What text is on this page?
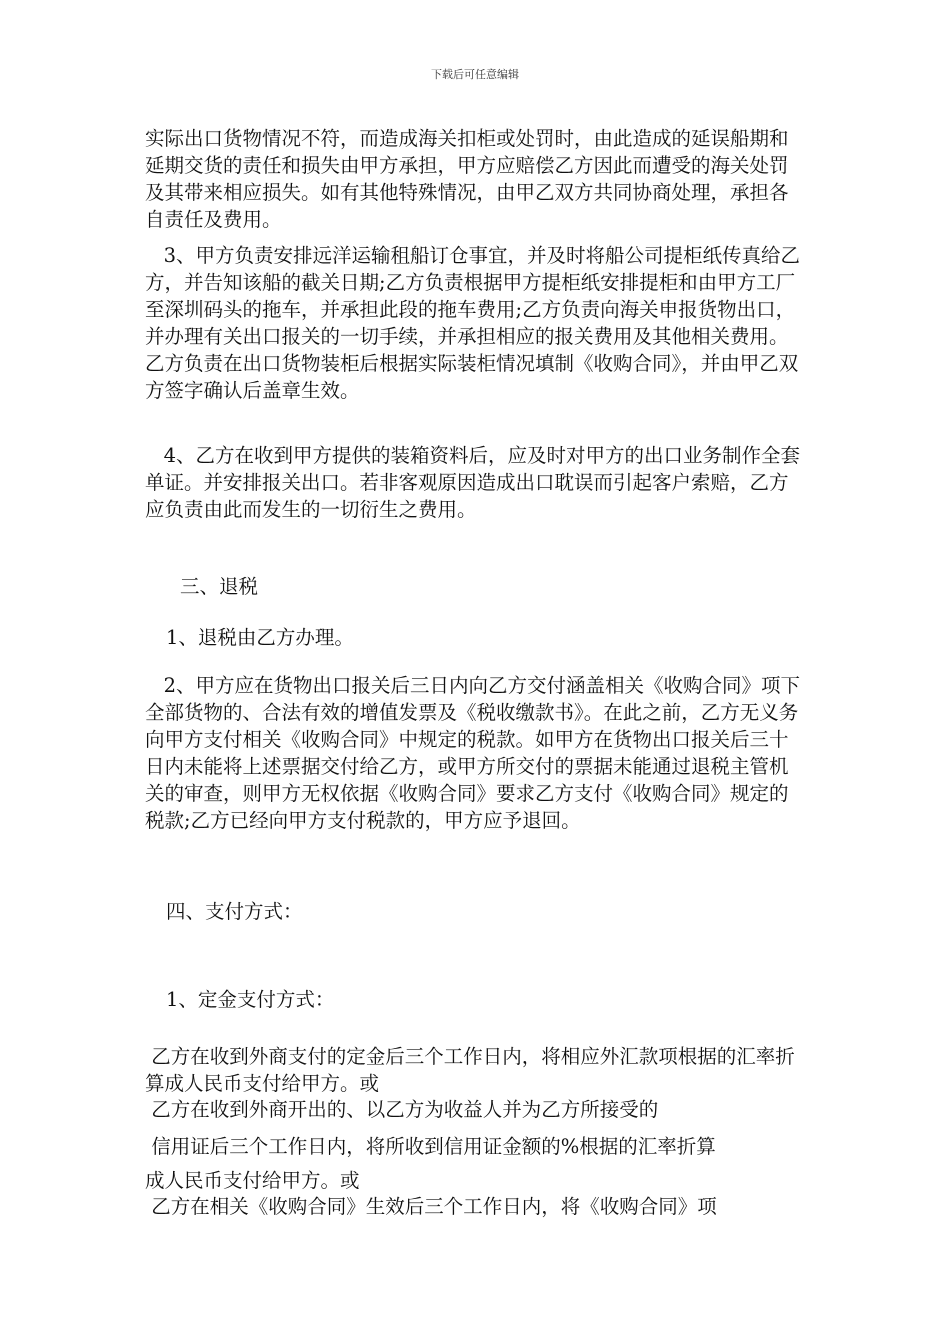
下载后可任意编辑

实际出口货物情况不符，而造成海关扣柜或处罚时，由此造成的延误船期和延期交货的责任和损失由甲方承担，甲方应赔偿乙方因此而遭受的海关处罚及其带来相应损失。如有其他特殊情况，由甲乙双方共同协商处理，承担各自责任及费用。

3、甲方负责安排远洋运输租船订仓事宜，并及时将船公司提柜纸传真给乙方，并告知该船的截关日期;乙方负责根据甲方提柜纸安排提柜和由甲方工厂至深圳码头的拖车，并承担此段的拖车费用;乙方负责向海关申报货物出口，并办理有关出口报关的一切手续，并承担相应的报关费用及其他相关费用。乙方负责在出口货物装柜后根据实际装柜情况填制《收购合同》，并由甲乙双方签字确认后盖章生效。

4、乙方在收到甲方提供的装箱资料后，应及时对甲方的出口业务制作全套单证。并安排报关出口。若非客观原因造成出口耽误而引起客户索赔，乙方应负责由此而发生的一切衍生之费用。

三、退税

1、退税由乙方办理。

2、甲方应在货物出口报关后三日内向乙方交付涵盖相关《收购合同》项下全部货物的、合法有效的增值发票及《税收缴款书》。在此之前，乙方无义务向甲方支付相关《收购合同》中规定的税款。如甲方在货物出口报关后三十日内未能将上述票据交付给乙方，或甲方所交付的票据未能通过退税主管机关的审查，则甲方无权依据《收购合同》要求乙方支付《收购合同》规定的税款;乙方已经向甲方支付税款的，甲方应予退回。

四、支付方式：

1、定金支付方式：

乙方在收到外商支付的定金后三个工作日内，将相应外汇款项根据的汇率折算成人民币支付给甲方。或

乙方在收到外商开出的、以乙方为收益人并为乙方所接受的

信用证后三个工作日内，将所收到信用证金额的%根据的汇率折算

成人民币支付给甲方。或

乙方在相关《收购合同》生效后三个工作日内，将《收购合同》项
